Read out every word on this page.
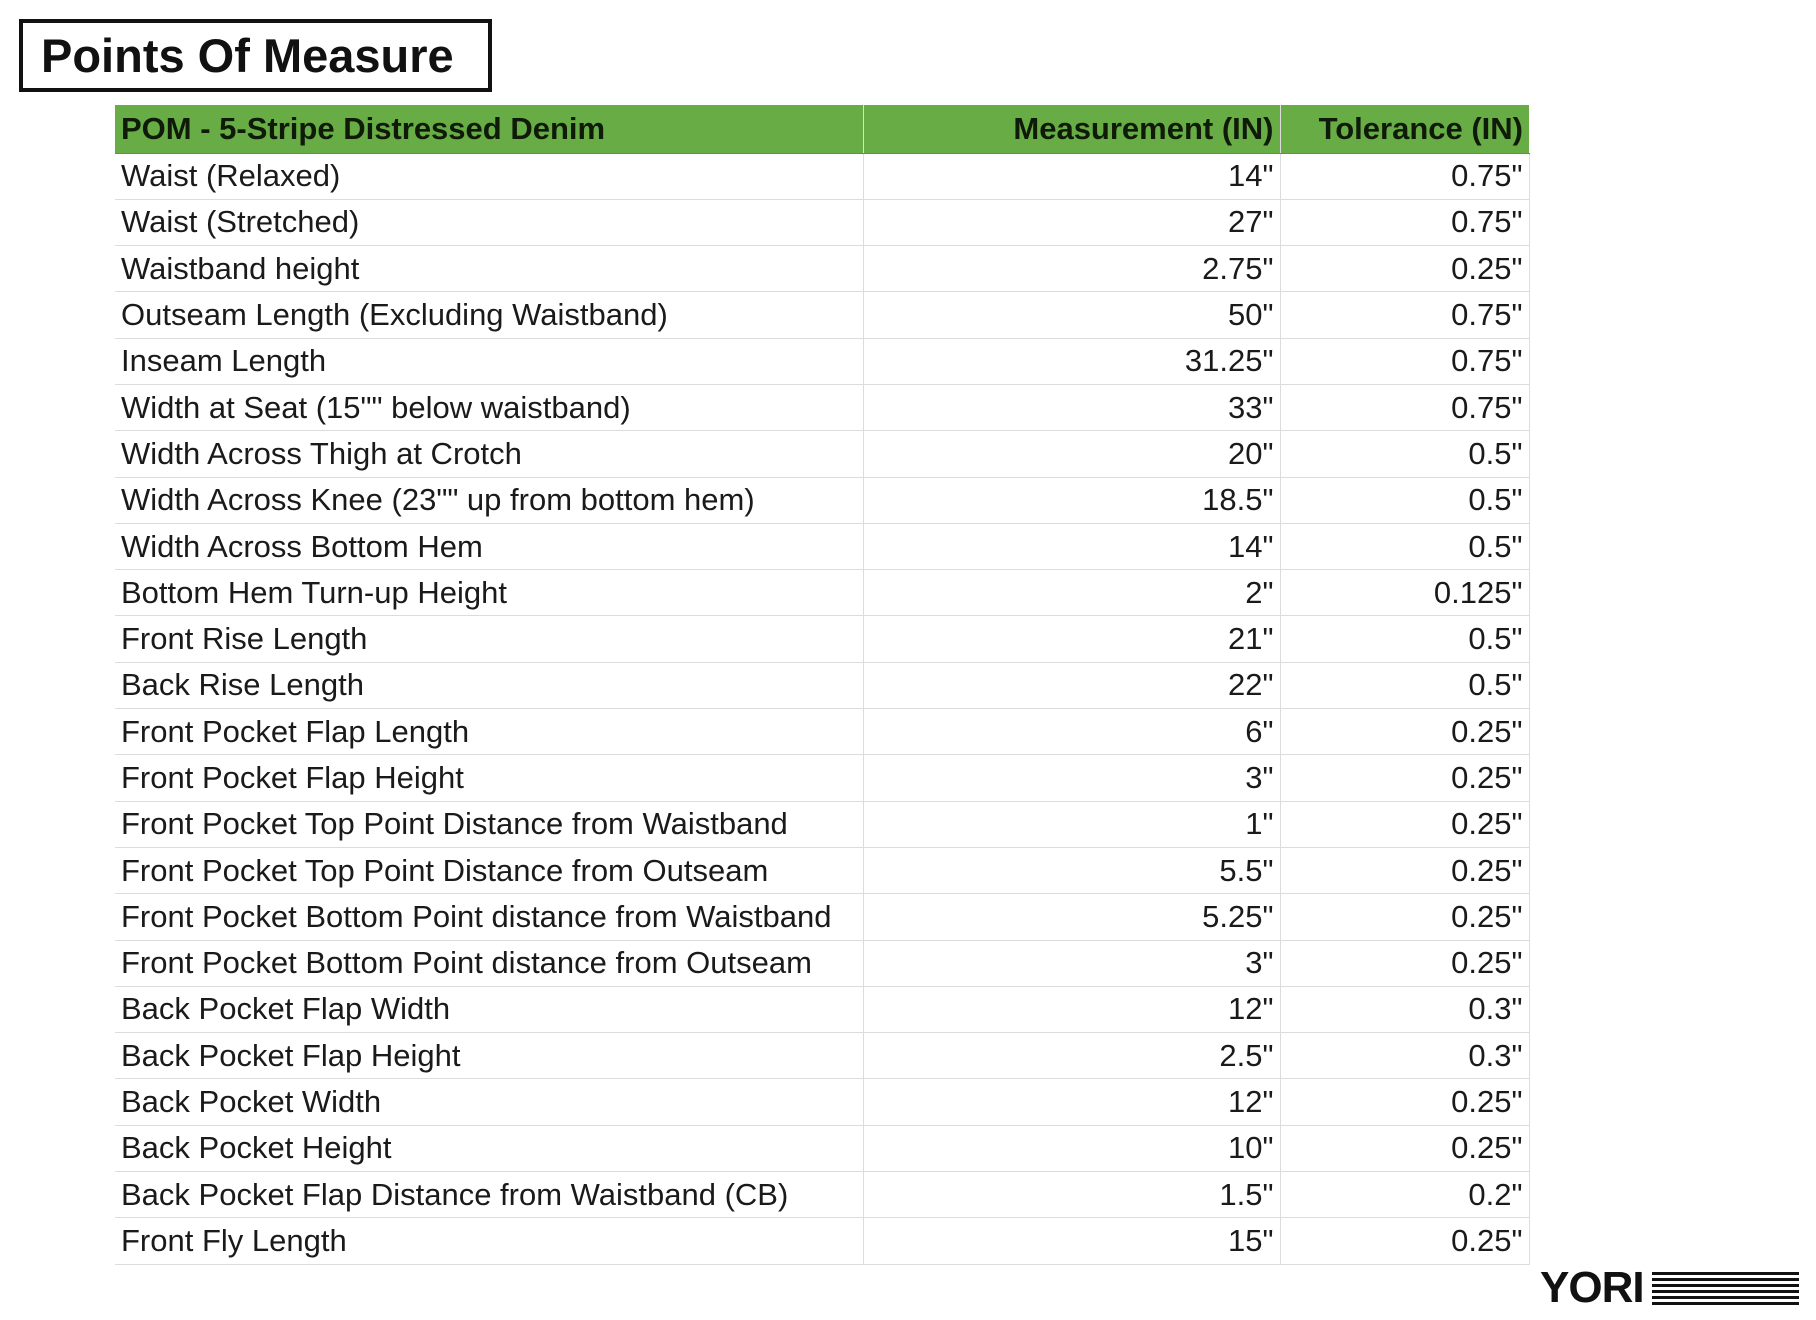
Points Of Measure
POM - 5-Stripe Distressed Denim	Measurement (IN)	Tolerance (IN)
Waist (Relaxed)	14"	0.75"
Waist (Stretched)	27"	0.75"
Waistband height	2.75"	0.25"
Outseam Length (Excluding Waistband)	50"	0.75"
Inseam Length	31.25"	0.75"
Width at Seat (15"" below waistband)	33"	0.75"
Width Across Thigh at Crotch	20"	0.5"
Width Across Knee (23"" up from bottom hem)	18.5"	0.5"
Width Across Bottom Hem	14"	0.5"
Bottom Hem Turn-up Height	2"	0.125"
Front Rise Length	21"	0.5"
Back Rise Length	22"	0.5"
Front Pocket Flap Length	6"	0.25"
Front Pocket Flap Height	3"	0.25"
Front Pocket Top Point Distance from Waistband	1"	0.25"
Front Pocket Top Point Distance from Outseam	5.5"	0.25"
Front Pocket Bottom Point distance from Waistband	5.25"	0.25"
Front Pocket Bottom Point distance from Outseam	3"	0.25"
Back Pocket Flap Width	12"	0.3"
Back Pocket Flap Height	2.5"	0.3"
Back Pocket Width	12"	0.25"
Back Pocket Height	10"	0.25"
Back Pocket Flap Distance from Waistband (CB)	1.5"	0.2"
Front Fly Length	15"	0.25"
YORI
